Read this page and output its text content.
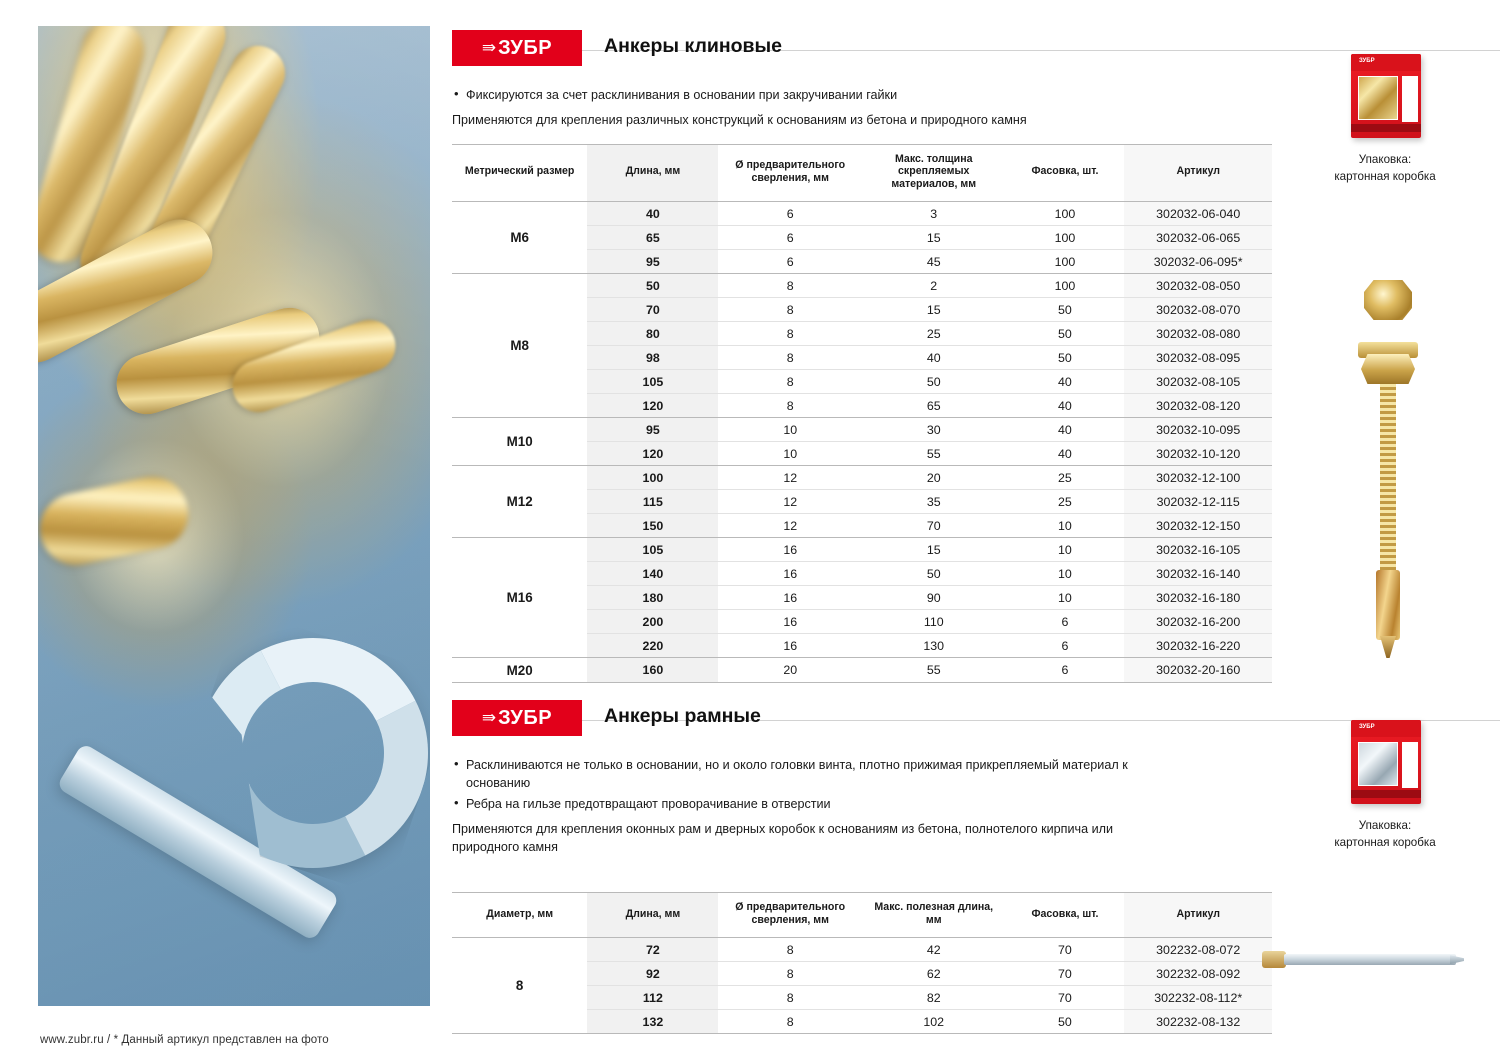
www.zubr.ru / * Данный артикул представлен на фото
⇛ ЗУБР	Анкеры клиновые
• Фиксируются за счет расклинивания в основании при закручивании гайки
Применяются для крепления различных конструкций к основаниям из бетона и природного камня
ЗУБР
Упаковка:
картонная коробка
Метрический размер	Длина, мм	Ø предварительного сверления, мм	Макс. толщина скрепляемых материалов, мм	Фасовка, шт.	Артикул
М6	40	6	3	100	302032-06-040
	65	6	15	100	302032-06-065
	95	6	45	100	302032-06-095*
М8	50	8	2	100	302032-08-050
	70	8	15	50	302032-08-070
	80	8	25	50	302032-08-080
	98	8	40	50	302032-08-095
	105	8	50	40	302032-08-105
	120	8	65	40	302032-08-120
М10	95	10	30	40	302032-10-095
	120	10	55	40	302032-10-120
М12	100	12	20	25	302032-12-100
	115	12	35	25	302032-12-115
	150	12	70	10	302032-12-150
М16	105	16	15	10	302032-16-105
	140	16	50	10	302032-16-140
	180	16	90	10	302032-16-180
	200	16	110	6	302032-16-200
	220	16	130	6	302032-16-220
М20	160	20	55	6	302032-20-160
⇛ ЗУБР	Анкеры рамные
• Расклиниваются не только в основании, но и около головки винта, плотно прижимая прикрепляемый материал к основанию
• Ребра на гильзе предотвращают проворачивание в отверстии
Применяются для крепления оконных рам и дверных коробок к основаниям из бетона, полнотелого кирпича или природного камня
ЗУБР
Упаковка:
картонная коробка
Диаметр, мм	Длина, мм	Ø предварительного сверления, мм	Макс. полезная длина, мм	Фасовка, шт.	Артикул
8	72	8	42	70	302232-08-072
	92	8	62	70	302232-08-092
	112	8	82	70	302232-08-112*
	132	8	102	50	302232-08-132
